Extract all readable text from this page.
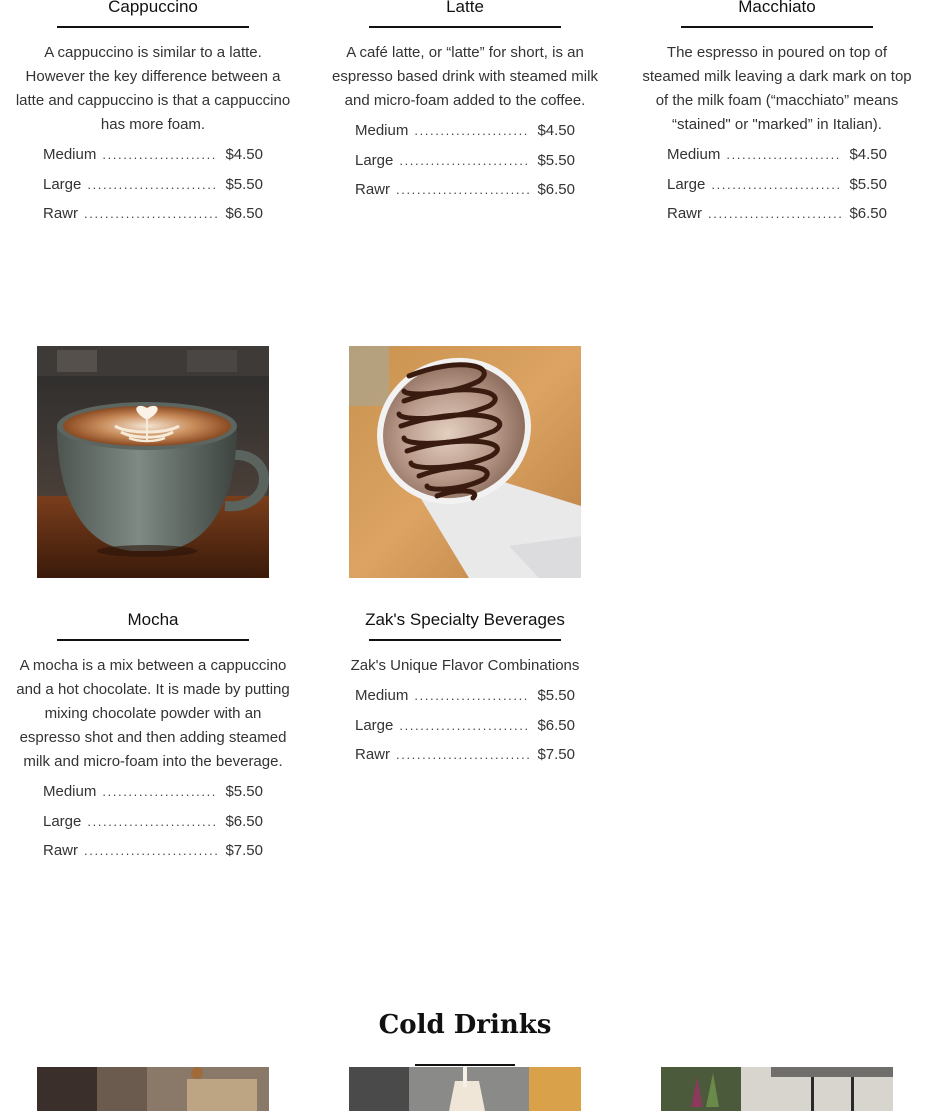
Cappuccino
A cappuccino is similar to a latte. However the key difference between a latte and cappuccino is that a cappuccino has more foam.
Medium .....	$4.50
Large .....	$5.50
Rawr .....	$6.50
Latte
A café latte, or “latte” for short, is an espresso based drink with steamed milk and micro-foam added to the coffee.
Medium .....	$4.50
Large .....	$5.50
Rawr .....	$6.50
Macchiato
The espresso in poured on top of steamed milk leaving a dark mark on top of the milk foam (“macchiato” means “stained" or "marked” in Italian).
Medium .....	$4.50
Large .....	$5.50
Rawr .....	$6.50
Mocha
A mocha is a mix between a cappuccino and a hot chocolate. It is made by putting mixing chocolate powder with an espresso shot and then adding steamed milk and micro-foam into the beverage.
Medium .....	$5.50
Large .....	$6.50
Rawr .....	$7.50
Zak's Specialty Beverages
Zak's Unique Flavor Combinations
Medium .....	$5.50
Large .....	$6.50
Rawr .....	$7.50
Cold Drinks
